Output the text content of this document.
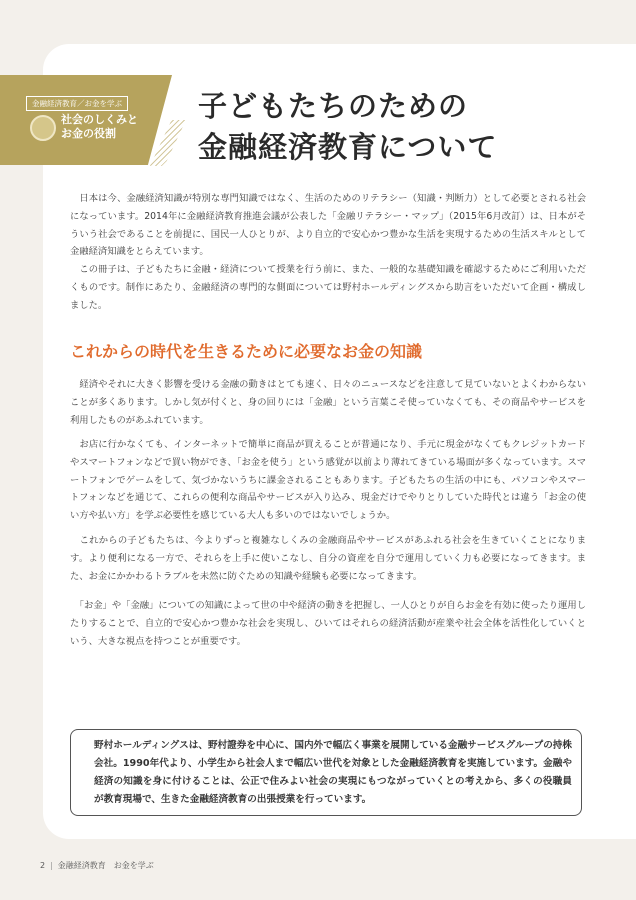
金融経済教育／お金を学ぶ
社会のしくみと
お金の役割
子どもたちのための
金融経済教育について

　日本は今、金融経済知識が特別な専門知識ではなく、生活のためのリテラシー（知識・判断力）として必要とされる社会になっています。2014年に金融経済教育推進会議が公表した「金融リテラシー・マップ」（2015年6月改訂）は、日本がそういう社会であることを前提に、国民一人ひとりが、より自立的で安心かつ豊かな生活を実現するための生活スキルとして金融経済知識をとらえています。

　この冊子は、子どもたちに金融・経済について授業を行う前に、また、一般的な基礎知識を確認するためにご利用いただくものです。制作にあたり、金融経済の専門的な側面については野村ホールディングスから助言をいただいて企画・構成しました。

これからの時代を生きるために必要なお金の知識

　経済やそれに大きく影響を受ける金融の動きはとても速く、日々のニュースなどを注意して見ていないとよくわからないことが多くあります。しかし気が付くと、身の回りには「金融」という言葉こそ使っていなくても、その商品やサービスを利用したものがあふれています。

　お店に行かなくても、インターネットで簡単に商品が買えることが普通になり、手元に現金がなくてもクレジットカードやスマートフォンなどで買い物ができ、「お金を使う」という感覚が以前より薄れてきている場面が多くなっています。スマートフォンでゲームをして、気づかないうちに課金されることもあります。子どもたちの生活の中にも、パソコンやスマートフォンなどを通じて、これらの便利な商品やサービスが入り込み、現金だけでやりとりしていた時代とは違う「お金の使い方や払い方」を学ぶ必要性を感じている大人も多いのではないでしょうか。

　これからの子どもたちは、今よりずっと複雑なしくみの金融商品やサービスがあふれる社会を生きていくことになります。より便利になる一方で、それらを上手に使いこなし、自分の資産を自分で運用していく力も必要になってきます。また、お金にかかわるトラブルを未然に防ぐための知識や経験も必要になってきます。

　「お金」や「金融」についての知識によって世の中や経済の動きを把握し、一人ひとりが自らお金を有効に使ったり運用したりすることで、自立的で安心かつ豊かな社会を実現し、ひいてはそれらの経済活動が産業や社会全体を活性化していくという、大きな視点を持つことが重要です。

野村ホールディングスは、野村證券を中心に、国内外で幅広く事業を展開している金融サービスグループの持株会社。1990年代より、小学生から社会人まで幅広い世代を対象とした金融経済教育を実施しています。金融や経済の知識を身に付けることは、公正で住みよい社会の実現にもつながっていくとの考えから、多くの役職員が教育現場で、生きた金融経済教育の出張授業を行っています。

2 | 金融経済教育　お金を学ぶ
